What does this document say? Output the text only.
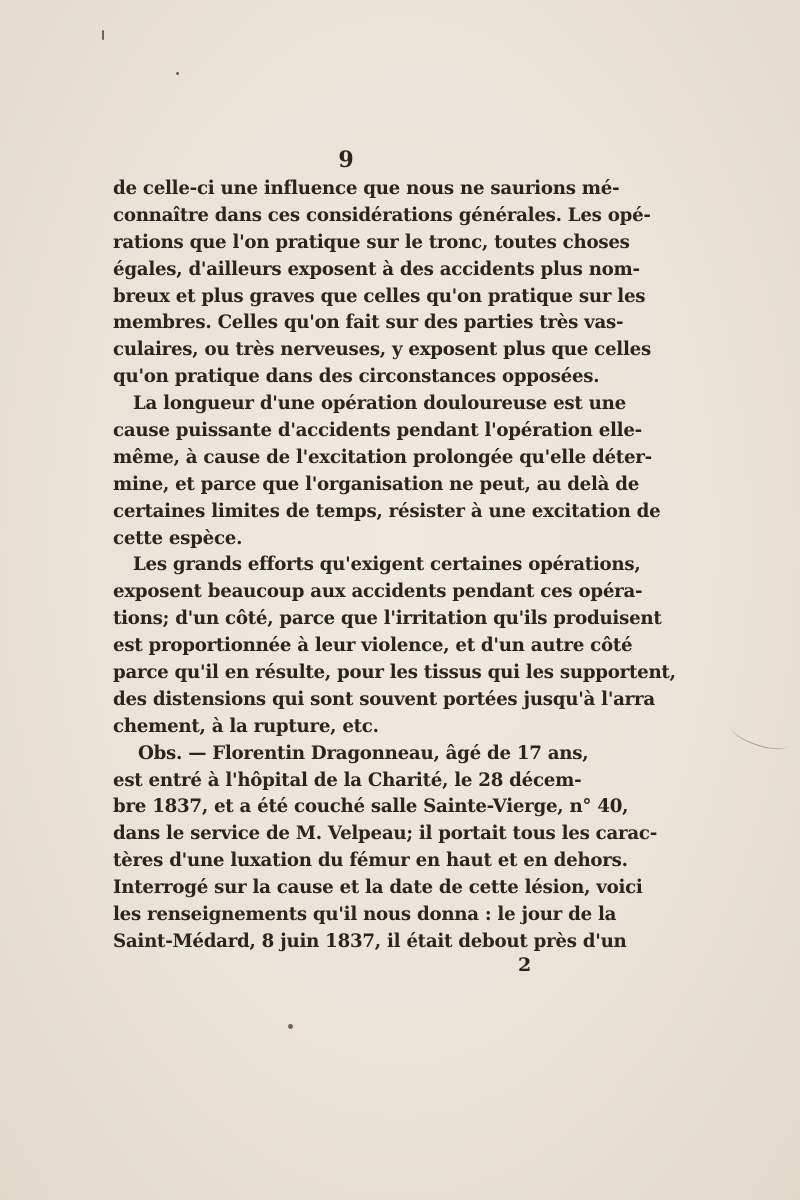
9
de celle-ci une influence que nous ne saurions mé-
connaître dans ces considérations générales. Les opé-
rations que l'on pratique sur le tronc, toutes choses
égales, d'ailleurs exposent à des accidents plus nom-
breux et plus graves que celles qu'on pratique sur les
membres. Celles qu'on fait sur des parties très vas-
culaires, ou très nerveuses, y exposent plus que celles
qu'on pratique dans des circonstances opposées.
La longueur d'une opération douloureuse est une
cause puissante d'accidents pendant l'opération elle-
même, à cause de l'excitation prolongée qu'elle déter-
mine, et parce que l'organisation ne peut, au delà de
certaines limites de temps, résister à une excitation de
cette espèce.
Les grands efforts qu'exigent certaines opérations,
exposent beaucoup aux accidents pendant ces opéra-
tions; d'un côté, parce que l'irritation qu'ils produisent
est proportionnée à leur violence, et d'un autre côté
parce qu'il en résulte, pour les tissus qui les supportent,
des distensions qui sont souvent portées jusqu'à l'arra
chement, à la rupture, etc.
Obs. — Florentin Dragonneau, âgé de 17 ans,
est entré à l'hôpital de la Charité, le 28 décem-
bre 1837, et a été couché salle Sainte-Vierge, n° 40,
dans le service de M. Velpeau; il portait tous les carac-
tères d'une luxation du fémur en haut et en dehors.
Interrogé sur la cause et la date de cette lésion, voici
les renseignements qu'il nous donna : le jour de la
Saint-Médard, 8 juin 1837, il était debout près d'un
2
